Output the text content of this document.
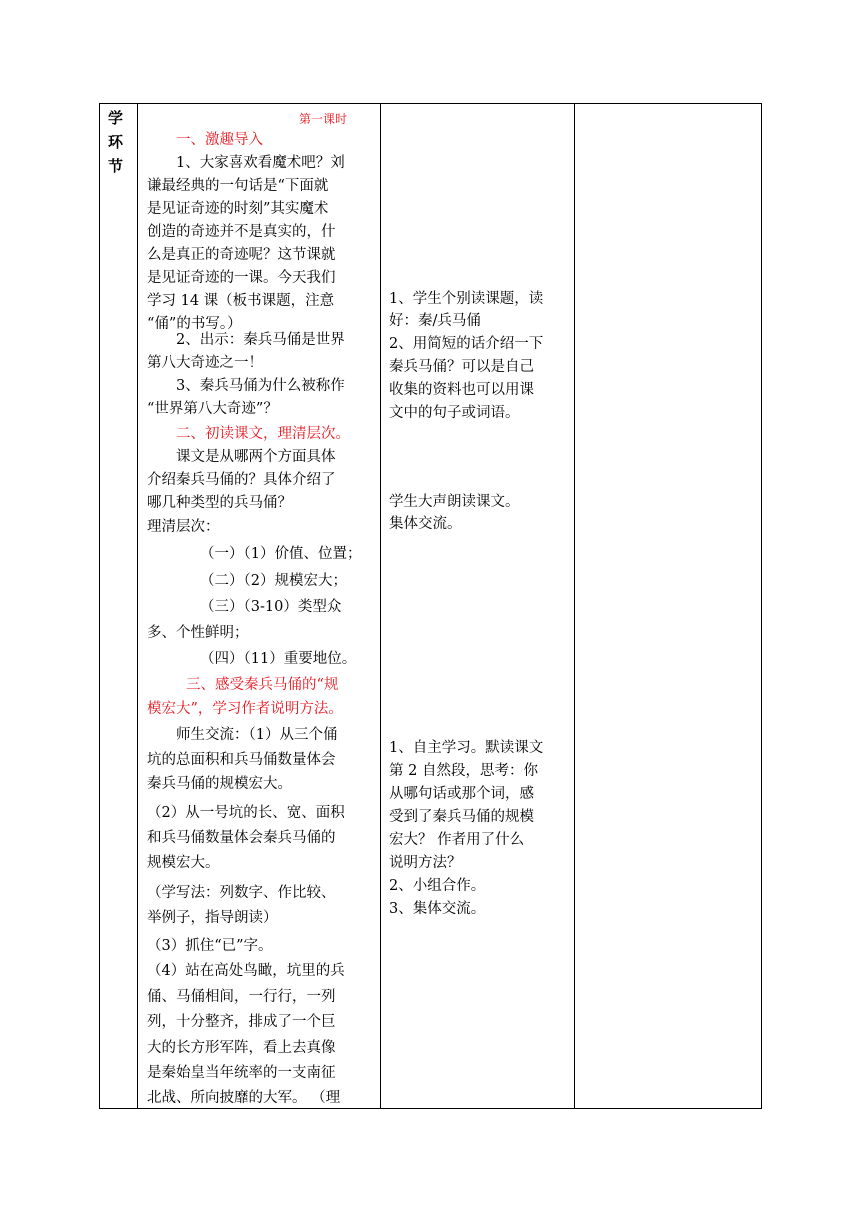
学
环
节
第一课时
一、激趣导入
1、大家喜欢看魔术吧？刘
谦最经典的一句话是“下面就
是见证奇迹的时刻”其实魔术
创造的奇迹并不是真实的，什
么是真正的奇迹呢？这节课就
是见证奇迹的一课。今天我们
学习 14 课（板书课题，注意
“俑”的书写。）
2、出示：秦兵马俑是世界
第八大奇迹之一！
3、秦兵马俑为什么被称作
“世界第八大奇迹”？
二、初读课文，理清层次。
课文是从哪两个方面具体
介绍秦兵马俑的？具体介绍了
哪几种类型的兵马俑？
理清层次：
（一）（1）价值、位置；
（二）（2）规模宏大；
（三）（3-10）类型众
多、个性鲜明；
（四）（11）重要地位。
三、感受秦兵马俑的“规
模宏大”，学习作者说明方法。
师生交流：（1）从三个俑
坑的总面积和兵马俑数量体会
秦兵马俑的规模宏大。
（2）从一号坑的长、宽、面积
和兵马俑数量体会秦兵马俑的
规模宏大。
（学写法：列数字、作比较、
举例子，指导朗读）
（3）抓住“已”字。
（4）站在高处鸟瞰，坑里的兵
俑、马俑相间，一行行，一列
列，十分整齐，排成了一个巨
大的长方形军阵，看上去真像
是秦始皇当年统率的一支南征
北战、所向披靡的大军。 （理
1、学生个别读课题，读
好：秦/兵马俑
2、用简短的话介绍一下
秦兵马俑？可以是自己
收集的资料也可以用课
文中的句子或词语。
学生大声朗读课文。
集体交流。
1、自主学习。默读课文
第 2 自然段，思考：你
从哪句话或那个词，感
受到了秦兵马俑的规模
宏大？ 作者用了什么
说明方法？
2、小组合作。
3、集体交流。
